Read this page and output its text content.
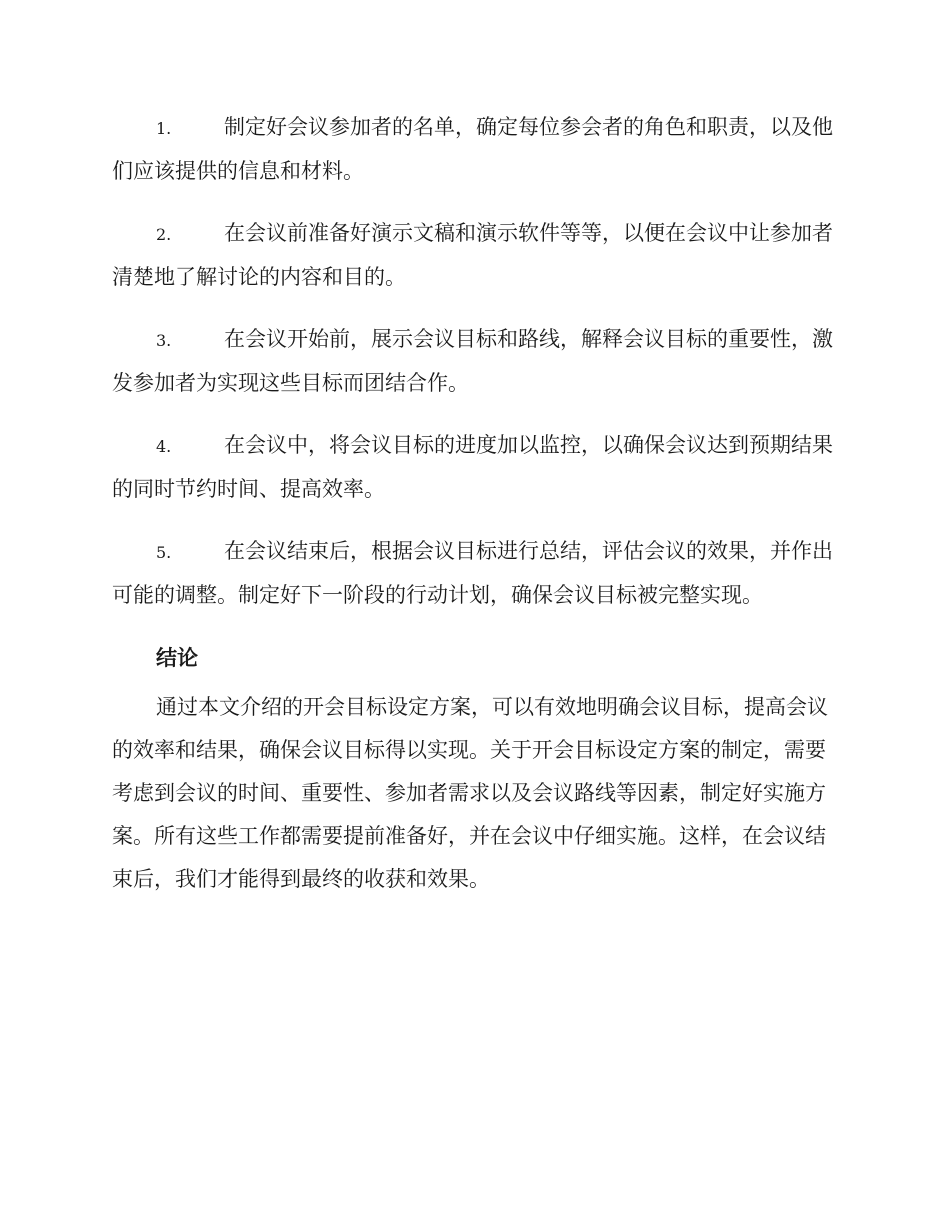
1.	制定好会议参加者的名单，确定每位参会者的角色和职责，以及他们应该提供的信息和材料。

2.	在会议前准备好演示文稿和演示软件等等，以便在会议中让参加者清楚地了解讨论的内容和目的。

3.	在会议开始前，展示会议目标和路线，解释会议目标的重要性，激发参加者为实现这些目标而团结合作。

4.	在会议中，将会议目标的进度加以监控，以确保会议达到预期结果的同时节约时间、提高效率。

5.	在会议结束后，根据会议目标进行总结，评估会议的效果，并作出可能的调整。制定好下一阶段的行动计划，确保会议目标被完整实现。

结论

通过本文介绍的开会目标设定方案，可以有效地明确会议目标，提高会议的效率和结果，确保会议目标得以实现。关于开会目标设定方案的制定，需要考虑到会议的时间、重要性、参加者需求以及会议路线等因素，制定好实施方案。所有这些工作都需要提前准备好，并在会议中仔细实施。这样，在会议结束后，我们才能得到最终的收获和效果。
